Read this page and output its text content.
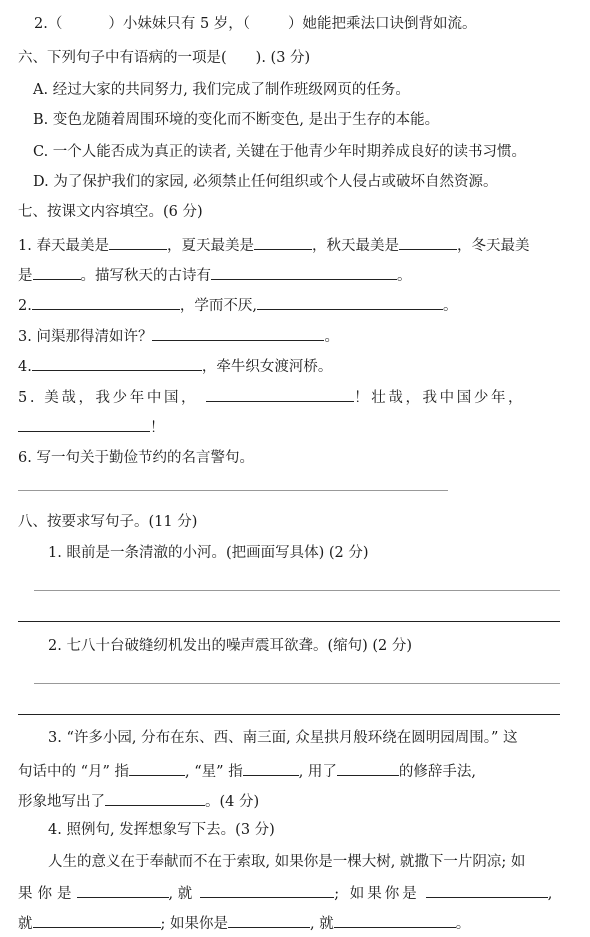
2.（	）小妹妹只有 5 岁，（	）她能把乘法口诀倒背如流。
六、下列句子中有语病的一项是(　　). (3 分)
A. 经过大家的共同努力, 我们完成了制作班级网页的任务。
B. 变色龙随着周围环境的变化而不断变色, 是出于生存的本能。
C. 一个人能否成为真正的读者, 关键在于他青少年时期养成良好的读书习惯。
D. 为了保护我们的家园, 必须禁止任何组织或个人侵占或破坏自然资源。
七、按课文内容填空。(6 分)
1. 春天最美是	，夏天最美是	，秋天最美是	，冬天最美
是	。描写秋天的古诗有	。
2.	，学而不厌,	。
3. 问渠那得清如许？	。
4.	，牵牛织女渡河桥。
5. 美哉，我少年中国，	！壮哉，我中国少年，
！
6. 写一句关于勤俭节约的名言警句。
八、按要求写句子。(11 分)
1. 眼前是一条清澈的小河。(把画面写具体) (2 分)
2. 七八十台破缝纫机发出的噪声震耳欲聋。(缩句) (2 分)
3. “许多小园, 分布在东、西、南三面, 众星拱月般环绕在圆明园周围。” 这
句话中的 “月” 指	, “星” 指	, 用了	的修辞手法,
形象地写出了	。(4 分)
4. 照例句, 发挥想象写下去。(3 分)
人生的意义在于奉献而不在于索取, 如果你是一棵大树, 就撒下一片阴凉; 如
果你是	, 就	; 如果你是	,
就	; 如果你是	, 就	。
